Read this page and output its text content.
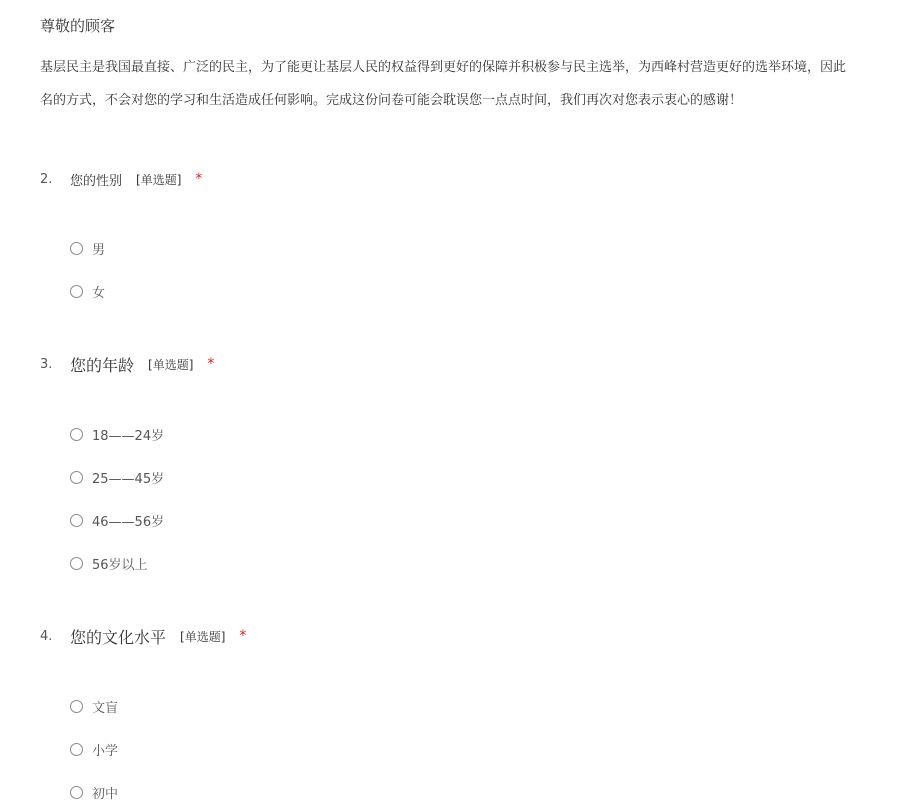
尊敬的顾客
基层民主是我国最直接、广泛的民主，为了能更让基层人民的权益得到更好的保障并积极参与民主选举，为西峰村营造更好的选举环境，因此
名的方式，不会对您的学习和生活造成任何影响。完成这份问卷可能会耽误您一点点时间，我们再次对您表示衷心的感谢！
2.	您的性别 [单选题] *
男
女
3.	您的年龄 [单选题] *
18——24岁
25——45岁
46——56岁
56岁以上
4.	您的文化水平 [单选题] *
文盲
小学
初中
